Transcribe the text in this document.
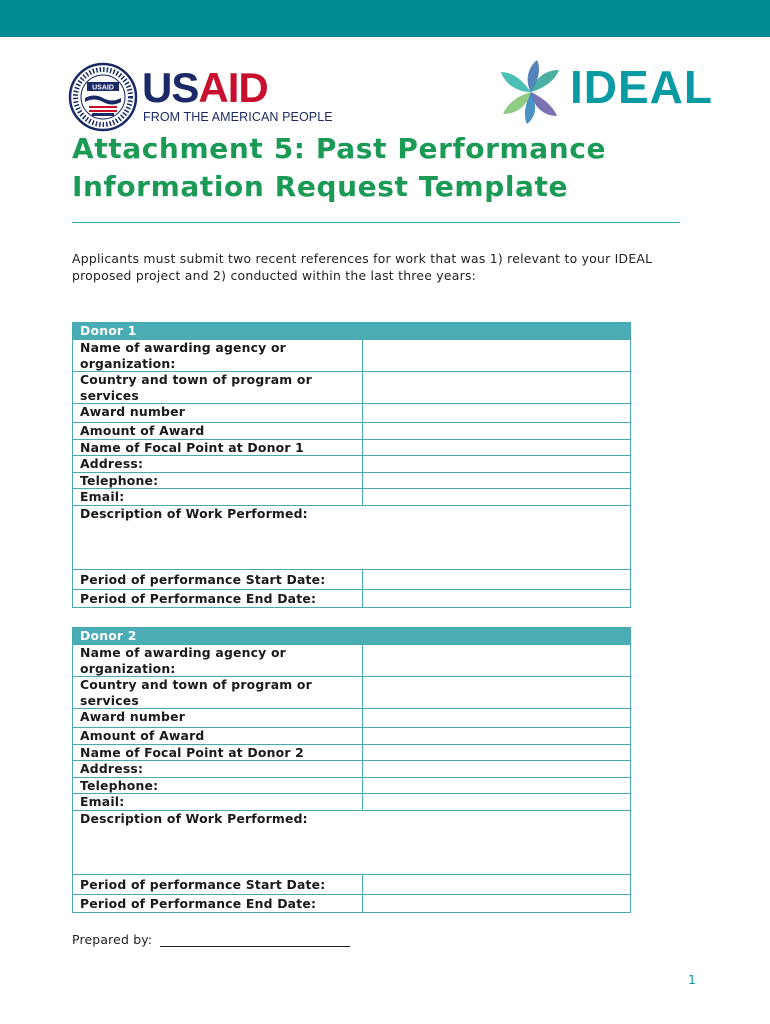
USAID USAID
FROM THE AMERICAN PEOPLE
IDEAL
Attachment 5: Past Performance
Information Request Template

Applicants must submit two recent references for work that was 1) relevant to your IDEAL proposed project and 2) conducted within the last three years:

Donor 1	
Name of awarding agency or organization:	
Country and town of program or services	
Award number	
Amount of Award	
Name of Focal Point at Donor 1	
Address:	
Telephone:	
Email:	
Description of Work Performed:	
Period of performance Start Date:	
Period of Performance End Date:	
Donor 2	
Name of awarding agency or organization:	
Country and town of program or services	
Award number	
Amount of Award	
Name of Focal Point at Donor 2	
Address:	
Telephone:	
Email:	
Description of Work Performed:	
Period of performance Start Date:	
Period of Performance End Date:	
Prepared by:
1
